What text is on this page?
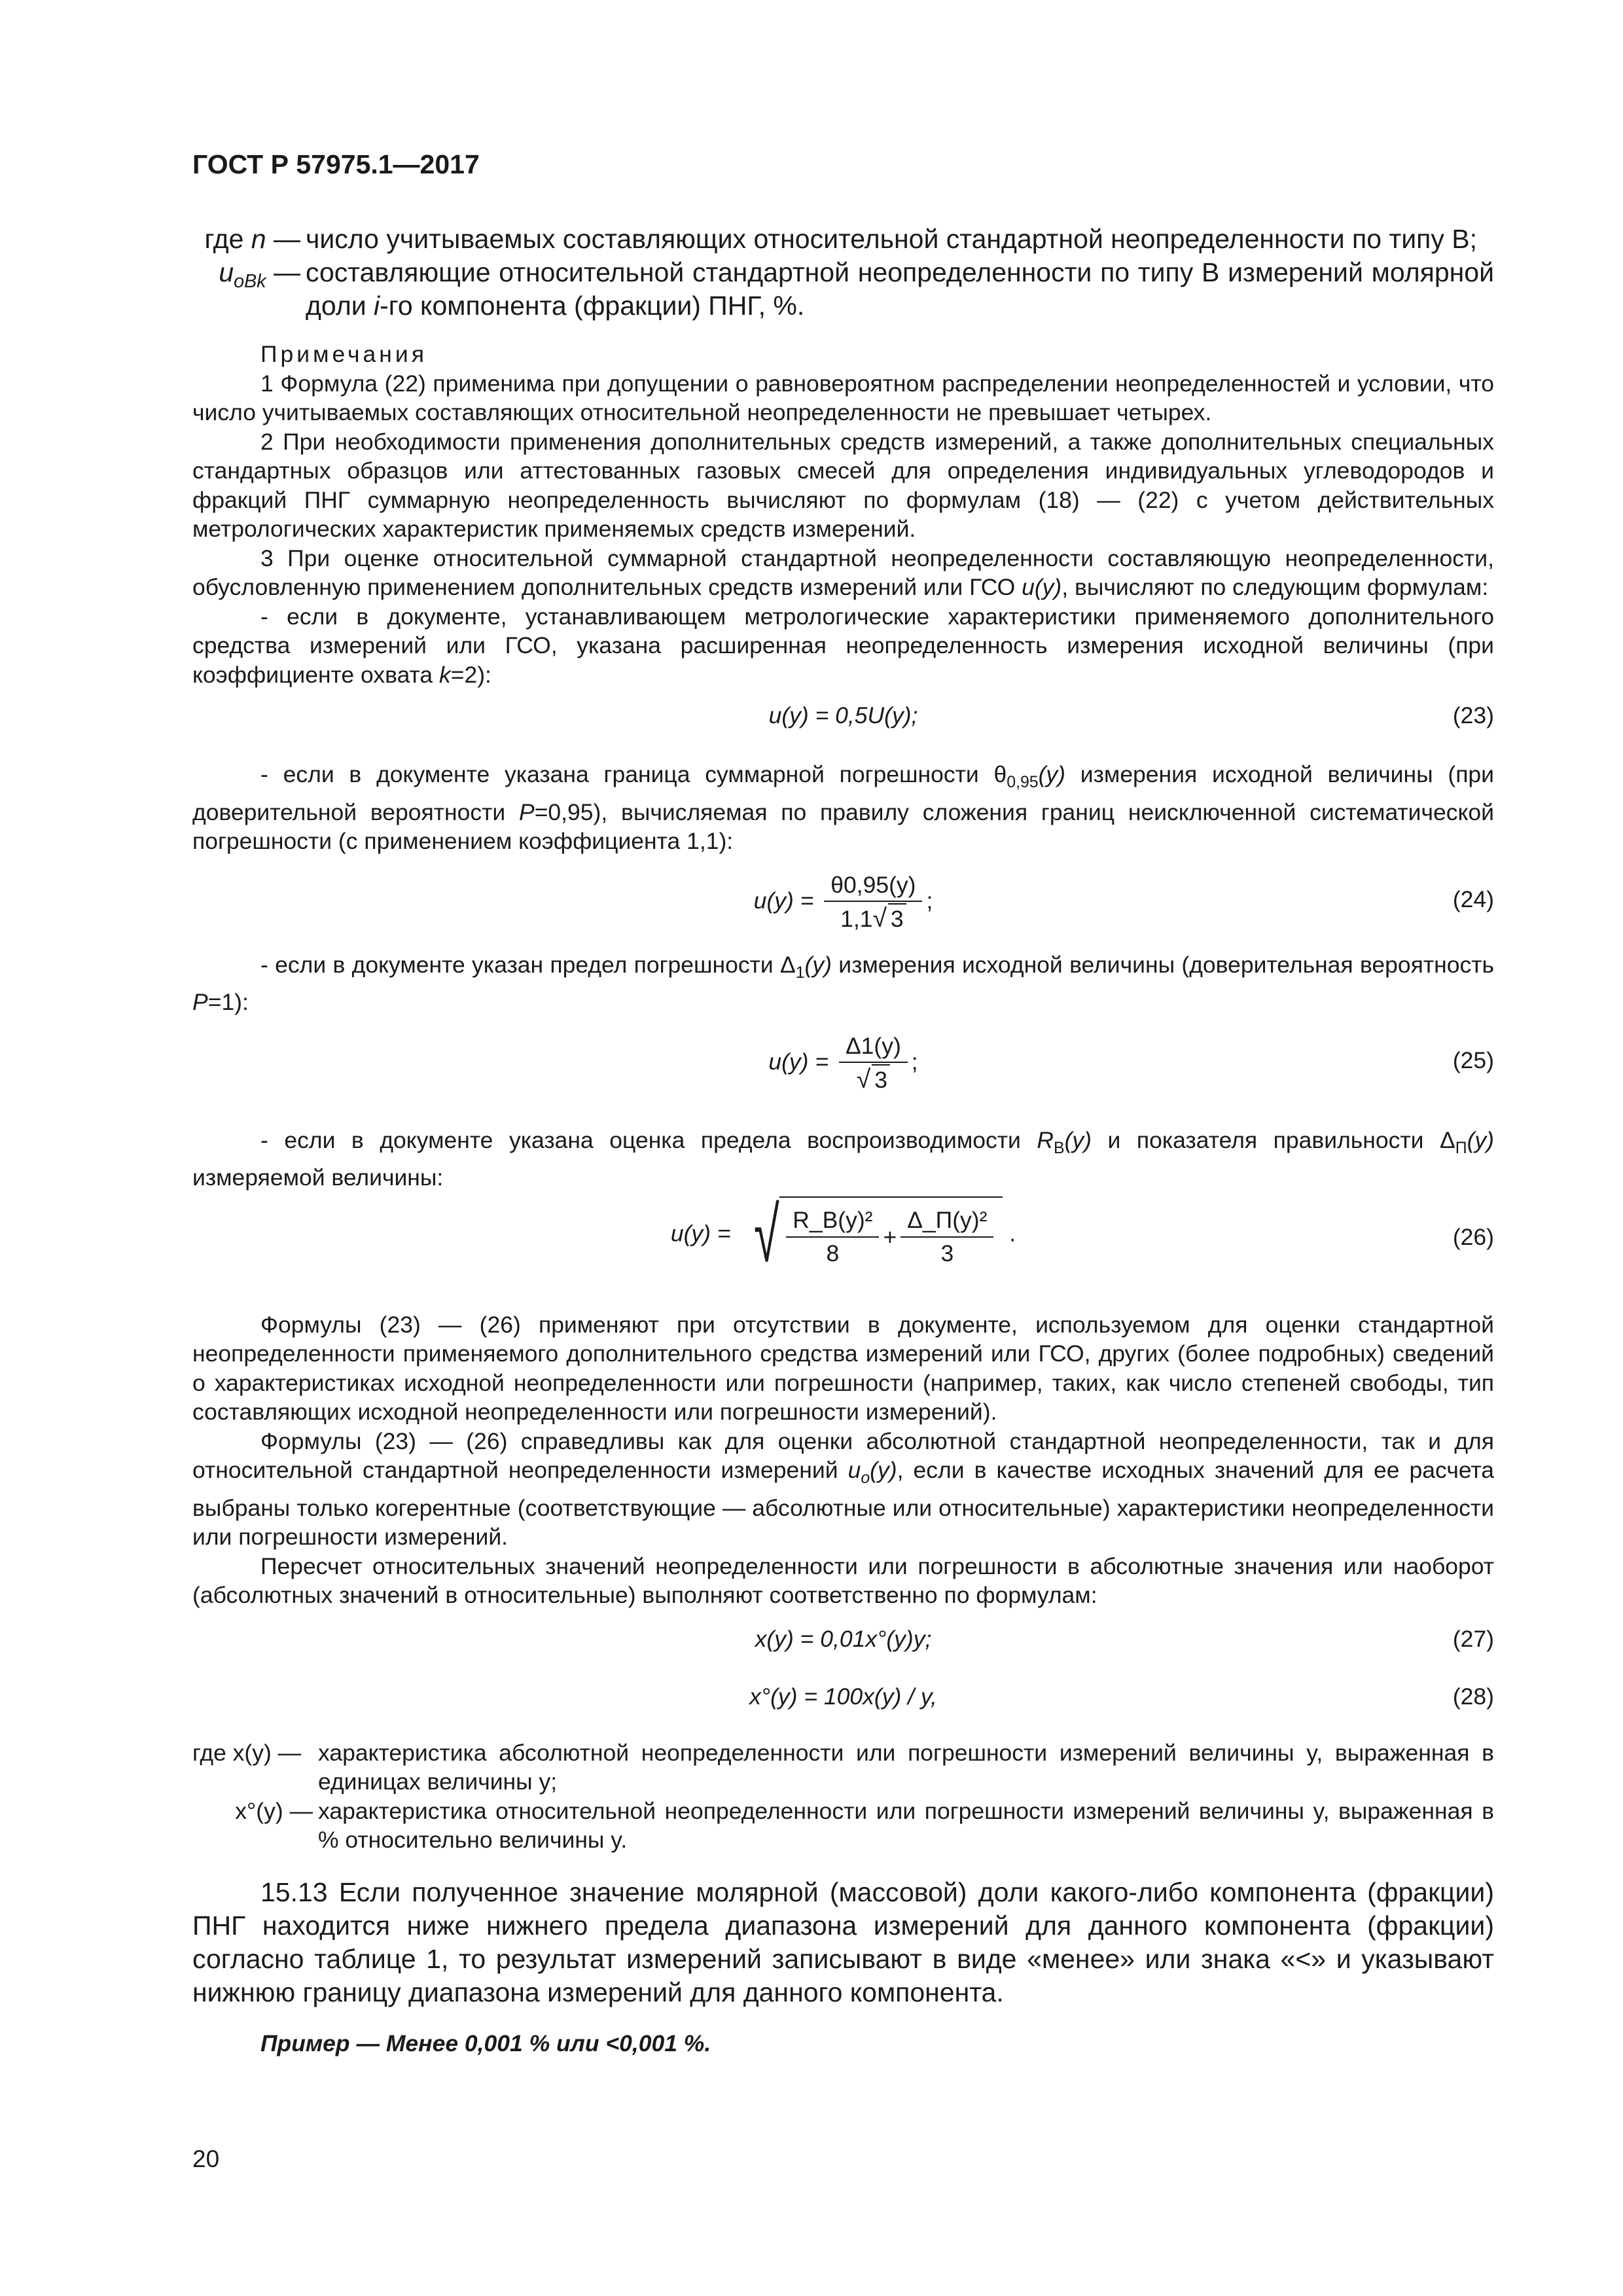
ГОСТ Р 57975.1—2017
где n — число учитываемых составляющих относительной стандартной неопределенности по типу В;
$u_{oBk}$ — составляющие относительной стандартной неопределенности по типу В измерений молярной доли i-го компонента (фракции) ПНГ, %.
Примечания
1 Формула (22) применима при допущении о равновероятном распределении неопределенностей и условии, что число учитываемых составляющих относительной неопределенности не превышает четырех.
2 При необходимости применения дополнительных средств измерений, а также дополнительных специальных стандартных образцов или аттестованных газовых смесей для определения индивидуальных углеводородов и фракций ПНГ суммарную неопределенность вычисляют по формулам (18) — (22) с учетом действительных метрологических характеристик применяемых средств измерений.
3 При оценке относительной суммарной стандартной неопределенности составляющую неопределенности, обусловленную применением дополнительных средств измерений или ГСО u(y), вычисляют по следующим формулам:
- если в документе, устанавливающем метрологические характеристики применяемого дополнительного средства измерений или ГСО, указана расширенная неопределенность измерения исходной величины (при коэффициенте охвата k=2):
u(y) = 0,5U(y);	(23)
- если в документе указана граница суммарной погрешности $\theta_{0,95}(y)$ измерения исходной величины (при доверительной вероятности P=0,95), вычисляемая по правилу сложения границ неисключенной систематической погрешности (с применением коэффициента 1,1):
$u(y) = \frac{\theta 0,95(y)}{1,1√ 3}$ ;	(24)
- если в документе указан предел погрешности $\Delta_1(y)$ измерения исходной величины (доверительная вероятность P=1):
$u(y) = \frac{\Delta 1(y)}{√ 3}$ ;	(25)
- если в документе указана оценка предела воспроизводимости $R_B(y)$ и показателя правильности $\Delta_П(y)$ измеряемой величины:
u(y) = √ $\frac{\text{R\_B(y)²}}{8} + \frac{\text{Δ\_П(y)²}}{3}$ .	(26)
Формулы (23) — (26) применяют при отсутствии в документе, используемом для оценки стандартной неопределенности применяемого дополнительного средства измерений или ГСО, других (более подробных) сведений о характеристиках исходной неопределенности или погрешности (например, таких, как число степеней свободы, тип составляющих исходной неопределенности или погрешности измерений).
Формулы (23) — (26) справедливы как для оценки абсолютной стандартной неопределенности, так и для относительной стандартной неопределенности измерений $u_o(y)$, если в качестве исходных значений для ее расчета выбраны только когерентные (соответствующие — абсолютные или относительные) характеристики неопределенности или погрешности измерений.
Пересчет относительных значений неопределенности или погрешности в абсолютные значения или наоборот (абсолютных значений в относительные) выполняют соответственно по формулам:
x(y) = 0,01x°(y)y;	(27)
x°(y) = 100x(y) / y,	(28)
где x(y) — характеристика абсолютной неопределенности или погрешности измерений величины y, выраженная в единицах величины y;
x°(y) — характеристика относительной неопределенности или погрешности измерений величины y, выраженная в % относительно величины y.
15.13 Если полученное значение молярной (массовой) доли какого-либо компонента (фракции) ПНГ находится ниже нижнего предела диапазона измерений для данного компонента (фракции) согласно таблице 1, то результат измерений записывают в виде «менее» или знака «<» и указывают нижнюю границу диапазона измерений для данного компонента.
Пример — Менее 0,001 % или <0,001 %.
20
